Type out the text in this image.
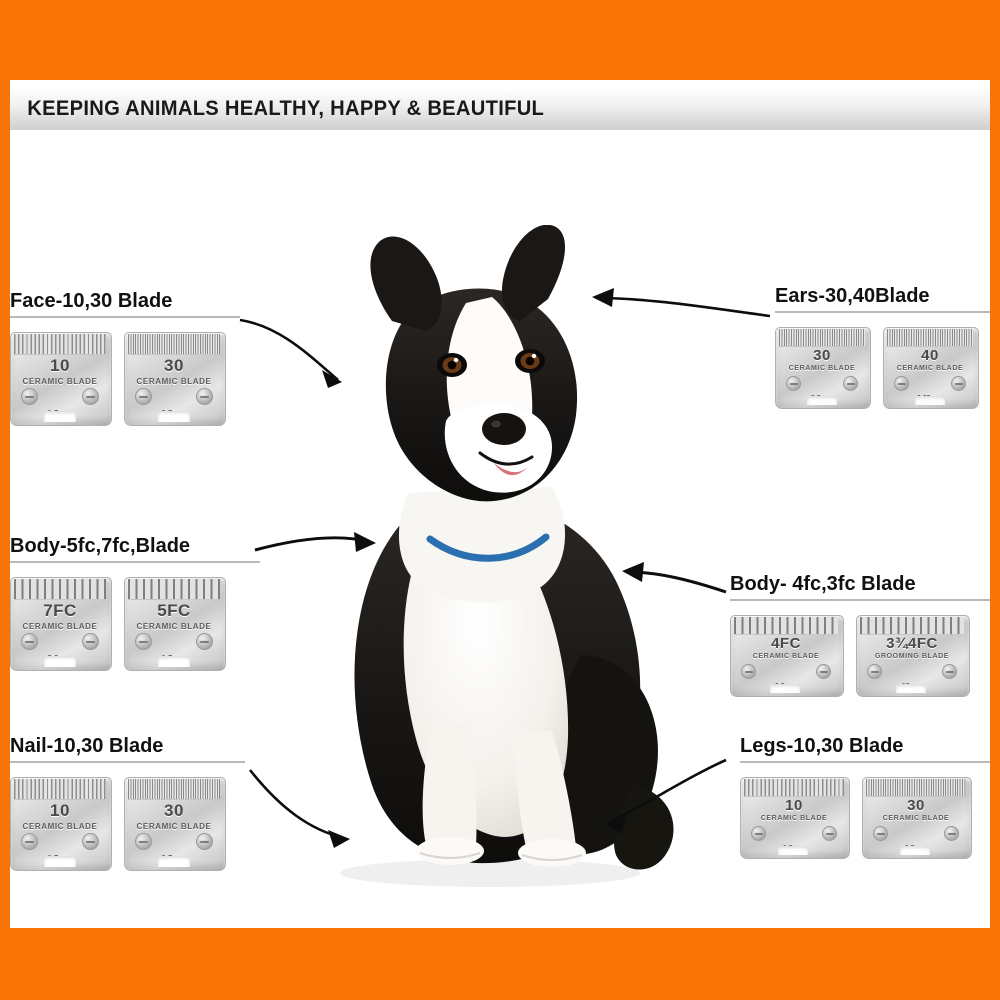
KEEPING ANIMALS HEALTHY, HAPPY & BEAUTIFUL
Face-10,30 Blade
10
CERAMIC BLADE
30
CERAMIC BLADE
Ears-30,40Blade
30
CERAMIC BLADE
40
CERAMIC BLADE
Body-5fc,7fc,Blade
7FC
CERAMIC BLADE
5FC
CERAMIC BLADE
Body- 4fc,3fc Blade
4FC
CERAMIC BLADE
3¾4FC
GROOMING BLADE
Nail-10,30 Blade
10
CERAMIC BLADE
30
CERAMIC BLADE
Legs-10,30 Blade
10
CERAMIC BLADE
30
CERAMIC BLADE
